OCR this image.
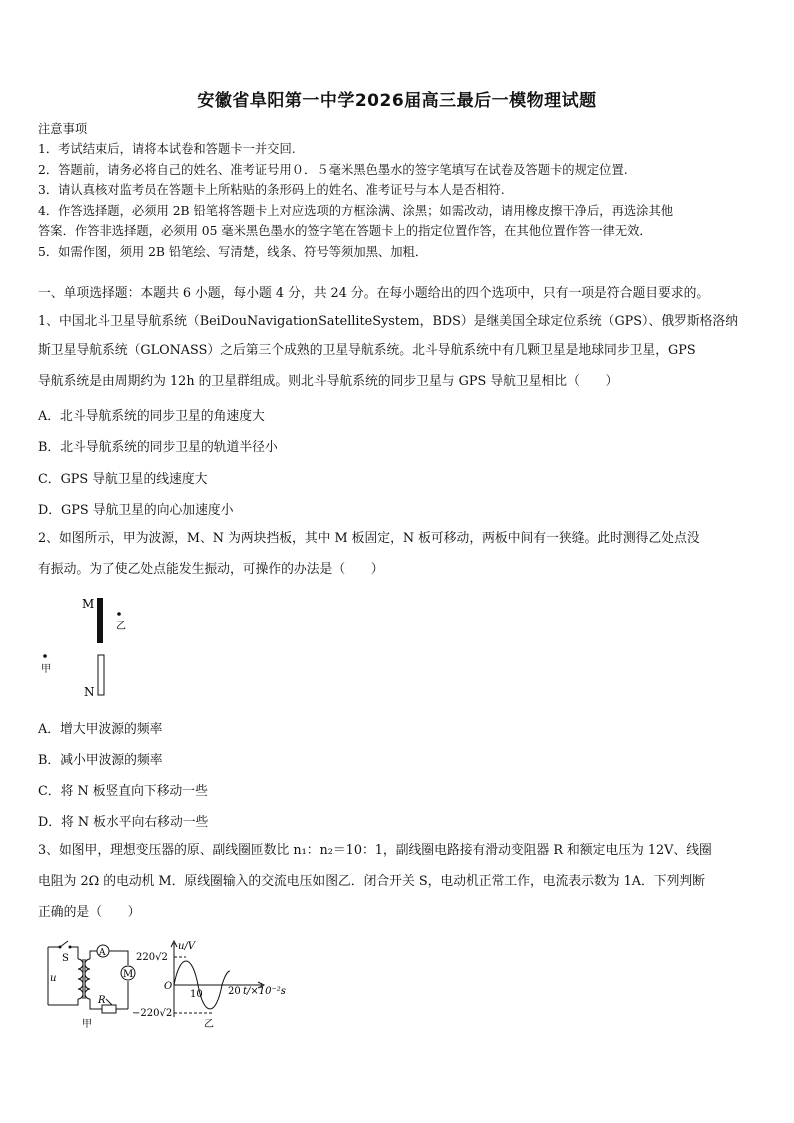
安徽省阜阳第一中学2026届高三最后一模物理试题
注意事项
1．考试结束后，请将本试卷和答题卡一并交回.
2．答题前，请务必将自己的姓名、准考证号用０．５毫米黑色墨水的签字笔填写在试卷及答题卡的规定位置.
3．请认真核对监考员在答题卡上所粘贴的条形码上的姓名、准考证号与本人是否相符.
4．作答选择题，必须用 2B 铅笔将答题卡上对应选项的方框涂满、涂黑；如需改动，请用橡皮擦干净后，再选涂其他
答案．作答非选择题，必须用 05 毫米黑色墨水的签字笔在答题卡上的指定位置作答，在其他位置作答一律无效．
5．如需作图，须用 2B 铅笔绘、写清楚，线条、符号等须加黑、加粗．
一、单项选择题：本题共 6 小题，每小题 4 分，共 24 分。在每小题给出的四个选项中，只有一项是符合题目要求的。
1、中国北斗卫星导航系统（BeiDouNavigationSatelliteSystem，BDS）是继美国全球定位系统（GPS）、俄罗斯格洛纳
斯卫星导航系统（GLONASS）之后第三个成熟的卫星导航系统。北斗导航系统中有几颗卫星是地球同步卫星，GPS
导航系统是由周期约为 12h 的卫星群组成。则北斗导航系统的同步卫星与 GPS 导航卫星相比（　　）
A．北斗导航系统的同步卫星的角速度大
B．北斗导航系统的同步卫星的轨道半径小
C．GPS 导航卫星的线速度大
D．GPS 导航卫星的向心加速度小
2、如图所示，甲为波源，M、N 为两块挡板，其中 M 板固定，N 板可移动，两板中间有一狭缝。此时测得乙处点没
有振动。为了使乙处点能发生振动，可操作的办法是（　　）
M
乙
甲
N
A．增大甲波源的频率
B．减小甲波源的频率
C．将 N 板竖直向下移动一些
D．将 N 板水平向右移动一些
3、如图甲，理想变压器的原、副线圈匝数比 n₁：n₂＝10：1，副线圈电路接有滑动变阻器 R 和额定电压为 12V、线圈
电阻为 2Ω 的电动机 M．原线圈输入的交流电压如图乙．闭合开关 S，电动机正常工作，电流表示数为 1A．下列判断
正确的是（　　）
A
M
S
R
u
甲
u/V
220√2
−220√2
O
10	20 t/×10⁻²s
乙
